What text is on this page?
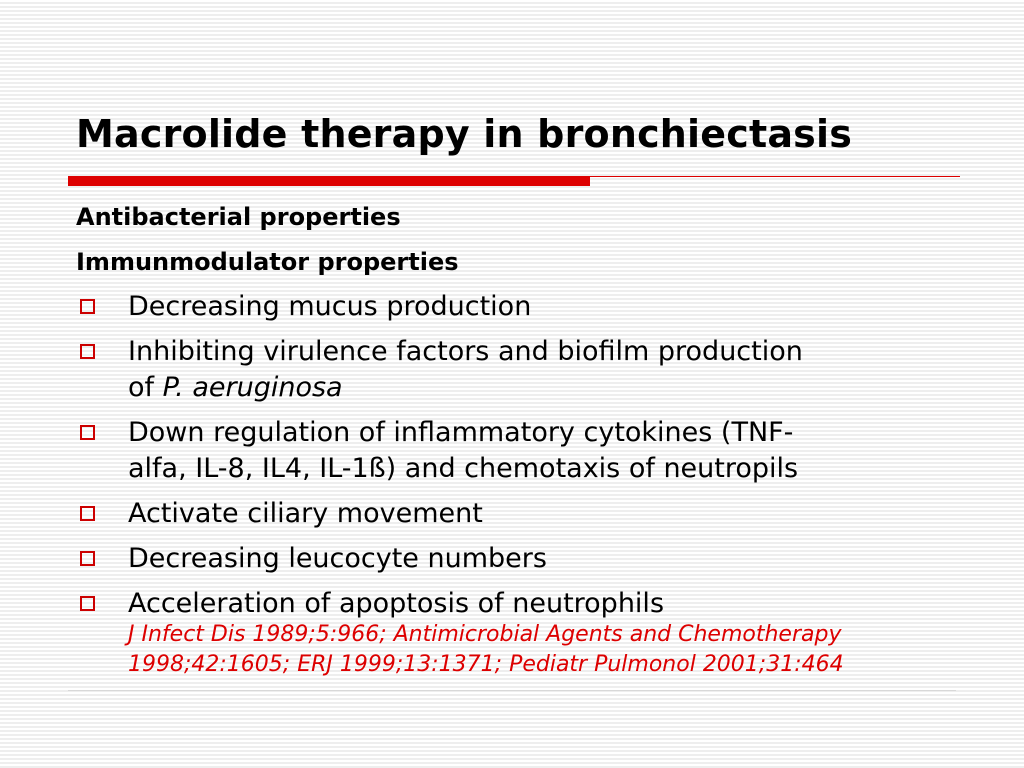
Macrolide therapy in bronchiectasis
Antibacterial properties
Immunmodulator properties
Decreasing mucus production
Inhibiting virulence factors and biofilm production
of P. aeruginosa
Down regulation of inflammatory cytokines (TNF-
alfa, IL-8, IL4, IL-1ß) and chemotaxis of neutropils
Activate ciliary movement
Decreasing leucocyte numbers
Acceleration of apoptosis of neutrophils
J Infect Dis 1989;5:966; Antimicrobial Agents and Chemotherapy 1998;42:1605; ERJ 1999;13:1371; Pediatr Pulmonol 2001;31:464
